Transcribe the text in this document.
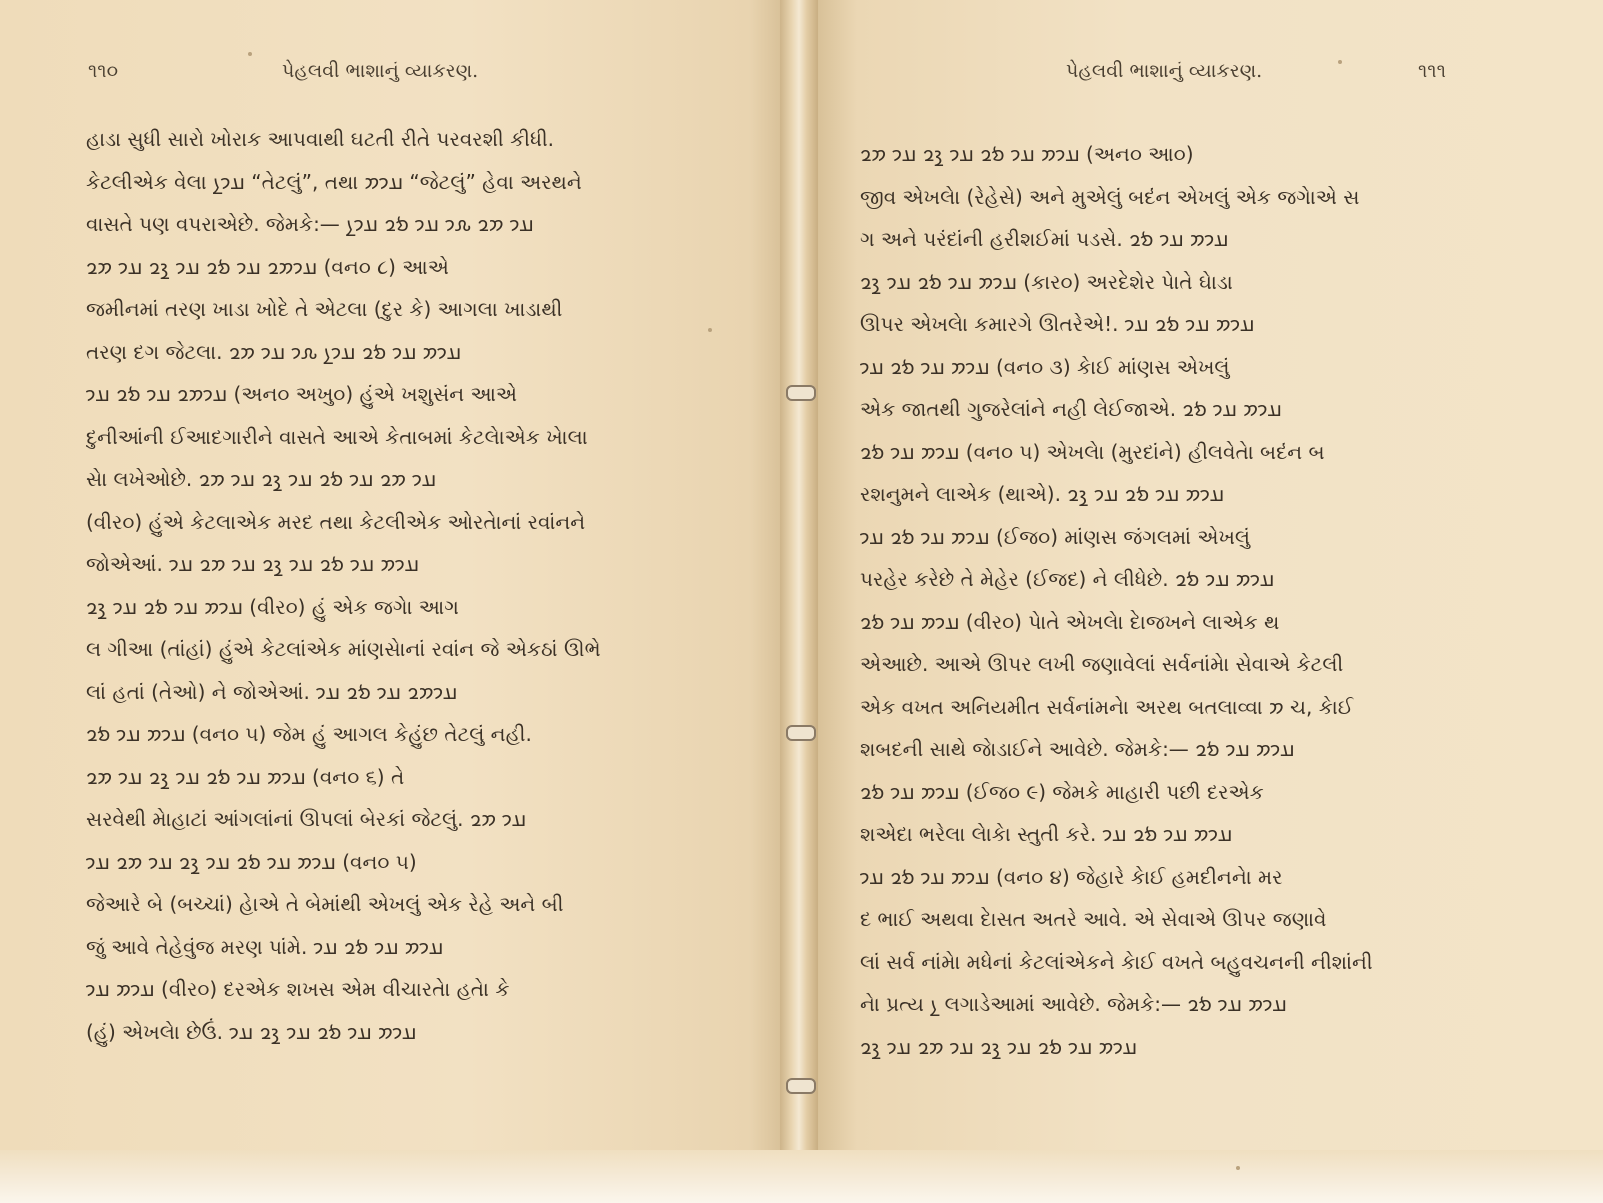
૧૧૦	પેહલવી ભાશાનું વ્યાકરણ.
હાડા સુધી સારો ખોરાક આપવાથી ઘટતી રીતે પરવરશી કીધી.
કેટલીએક વેલા 𐭠𐭩𐭭 “તેટલું”, તથા 𐭠𐭩𐭮 “જેટલું” હેવા અરથને
વાસતે પણ વપરાએછે. જેમકે:— 𐭠𐭩 𐭮𐭥 𐭧𐭩 𐭠𐭩 𐭬𐭥 𐭠𐭩𐭭
𐭠𐭩𐭮𐭥 𐭠𐭩 𐭬𐭥 𐭠𐭩 𐭪𐭥 𐭠𐭩 𐭮𐭥 (વન૦ ૮) આએ
જમીનમાં તરણ ખાડા ખોદે તે એટલા (દુર કે) આગલા ખાડાથી
તરણ દગ જેટલા. 𐭠𐭩𐭮 𐭠𐭩 𐭬𐭥 𐭠𐭩𐭭 𐭧𐭩 𐭠𐭩 𐭮𐭥
𐭠𐭩𐭮𐭥 𐭠𐭩 𐭬𐭥 𐭠𐭩 (અન૦ અખુ૦) હુંએ ખશુસંન આએ
દુનીઆંની ઈઆદગારીને વાસતે આએ કેતાબમાં કેટલેાએક ખેાલા
સેા લખેઓછે. 𐭠𐭩 𐭮𐭥 𐭠𐭩 𐭬𐭥 𐭠𐭩 𐭪𐭥 𐭠𐭩 𐭮𐭥
(વીર૦) હુંએ કેટલાએક મરદ તથા કેટલીએક ઓરતેાનાં રવાંનને
જોએઆં. 𐭠𐭩𐭮 𐭠𐭩 𐭬𐭥 𐭠𐭩 𐭪𐭥 𐭠𐭩 𐭮𐭥 𐭠𐭩
𐭠𐭩𐭮 𐭠𐭩 𐭬𐭥 𐭠𐭩 𐭪𐭥 (વીર૦) હું એક જગેા આગ
લ ગીઆ (તાંહાં) હુંએ કેટલાંએક માંણસેાનાં રવાંન જે એકઠાં ઊભે
લાં હતાં (તેઓ) ને જોએઆં. 𐭠𐭩𐭮𐭥 𐭠𐭩 𐭬𐭥 𐭠𐭩
𐭠𐭩𐭮 𐭠𐭩 𐭬𐭥 (વન૦ ૫) જેમ હું આગલ કેહુંછ તેટલું નહી.
𐭠𐭩𐭮 𐭠𐭩 𐭬𐭥 𐭠𐭩 𐭪𐭥 𐭠𐭩 𐭮𐭥 (વન૦ ૬) તે
સરવેથી મેાહાટાં આંગલાંનાં ઊપલાં બેરકાં જેટલું. 𐭠𐭩 𐭮𐭥
𐭠𐭩𐭮 𐭠𐭩 𐭬𐭥 𐭠𐭩 𐭪𐭥 𐭠𐭩 𐭮𐭥 𐭠𐭩 (વન૦ ૫)
જેઆરે બે (બચ્ચાં) હેાએ તે બેમાંથી એખલું એક રેહે અને બી
જું આવે તેહેવુંજ મરણ પાંમે. 𐭠𐭩𐭮 𐭠𐭩 𐭬𐭥 𐭠𐭩
𐭠𐭩𐭮 𐭠𐭩 (વીર૦) દરએક શખસ એમ વીચારતેા હતેા કે
(હું) એખલેા છેઉં. 𐭠𐭩𐭮 𐭠𐭩 𐭬𐭥 𐭠𐭩 𐭪𐭥 𐭠𐭩
પેહલવી ભાશાનું વ્યાકરણ.	૧૧૧
𐭠𐭩𐭮 𐭠𐭩 𐭬𐭥 𐭠𐭩 𐭪𐭥 𐭠𐭩 𐭮𐭥 (અન૦ આ૦)
જીવ એખલેા (રેહેસે) અને મુએલું બદંન એખલું એક જગેાએ સ
ગ અને પરંદાંની હરીશઈમાં પડસે. 𐭠𐭩𐭮 𐭠𐭩 𐭬𐭥
𐭠𐭩𐭮 𐭠𐭩 𐭬𐭥 𐭠𐭩 𐭪𐭥 (કાર૦) અરદેશેર પેાતે ઘેાડા
ઊપર એખલેા કમારગે ઊતરેએ!. 𐭠𐭩𐭮 𐭠𐭩 𐭬𐭥 𐭠𐭩
𐭠𐭩𐭮 𐭠𐭩 𐭬𐭥 𐭠𐭩 (વન૦ ૩) કેાઈ માંણસ એખલું
એક જાતથી ગુજરેલાંને નહી લેઈજાએ. 𐭠𐭩𐭮 𐭠𐭩 𐭬𐭥
𐭠𐭩𐭮 𐭠𐭩 𐭬𐭥 (વન૦ ૫) એખલેા (મુરદાંને) હીલવેતેા બદંન બ
રશનુમને લાએક (થાએ). 𐭠𐭩𐭮 𐭠𐭩 𐭬𐭥 𐭠𐭩 𐭪𐭥
𐭠𐭩𐭮 𐭠𐭩 𐭬𐭥 𐭠𐭩 (ઈજ૦) માંણસ જંગલમાં એખલું
પરહેર કરેછે તે મેહેર (ઈજદ) ને લીધેછે. 𐭠𐭩𐭮 𐭠𐭩 𐭬𐭥
𐭠𐭩𐭮 𐭠𐭩 𐭬𐭥 (વીર૦) પેાતે એખલેા દેાજખને લાએક થ
એઆછે. આએ ઊપર લખી જણાવેલાં સર્વનાંમેા સેવાએ કેટલી
એક વખત અનિયમીત સર્વનાંમનેા અરથ બતલાવ્વા 𐭮 ચ, કેાઈ
શબદની સાથે જેાડાઈને આવેછે. જેમકે:— 𐭠𐭩𐭮 𐭠𐭩 𐭬𐭥
𐭠𐭩𐭮 𐭠𐭩 𐭬𐭥 (ઈજ૦ ૯) જેમકે માહારી પછી દરએક
શએદા ભરેલા લેાકેા સ્તુતી કરે. 𐭠𐭩𐭮 𐭠𐭩 𐭬𐭥 𐭠𐭩
𐭠𐭩𐭮 𐭠𐭩 𐭬𐭥 𐭠𐭩 (વન૦ ૪) જેહારે કેાઈ હમદીનનેા મર
દ ભાઈ અથવા દેાસત અતરે આવે. એ સેવાએ ઊપર જણાવે
લાં સર્વ નાંમેા મધેનાં કેટલાંએકને કેાઈ વખતે બહુવચનની નીશાંની
નેા પ્રત્ય 𐭭 લગાડેઆમાં આવેછે. જેમકે:— 𐭠𐭩𐭮 𐭠𐭩 𐭬𐭥
𐭠𐭩𐭮 𐭠𐭩 𐭬𐭥 𐭠𐭩 𐭪𐭥 𐭠𐭩 𐭮𐭥 𐭠𐭩 𐭪𐭥
